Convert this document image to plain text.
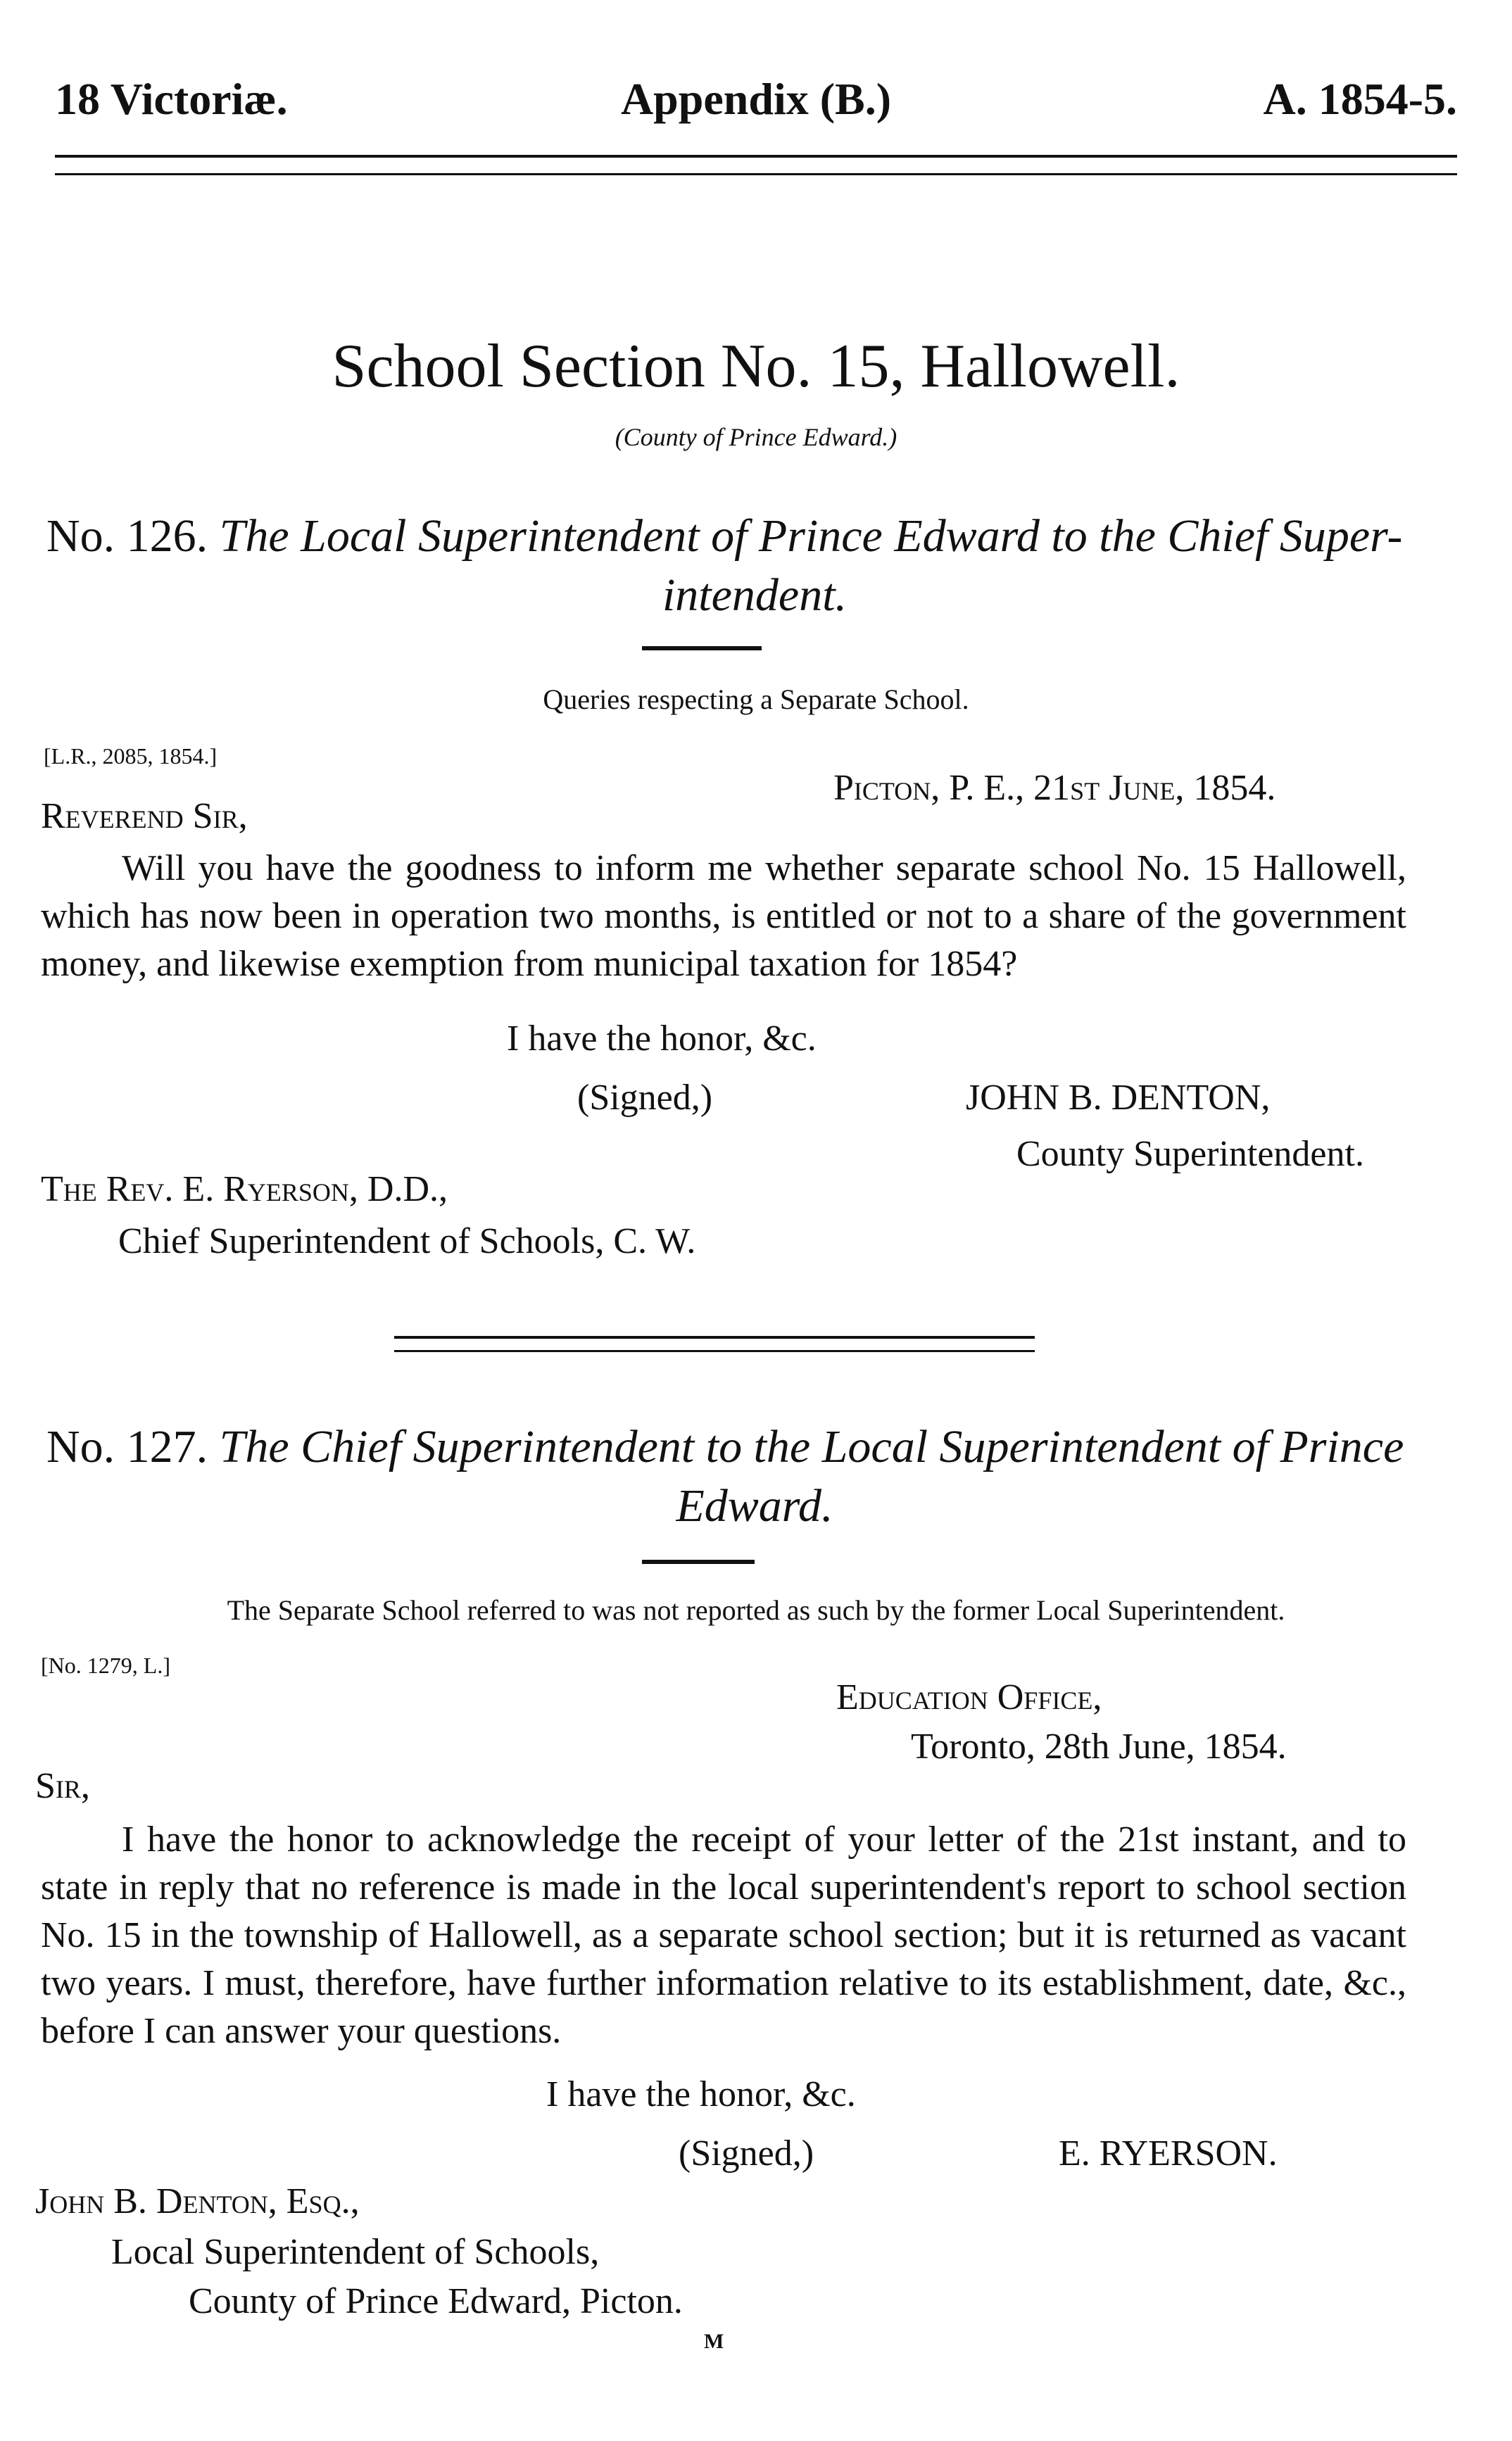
18 Victoriæ.	Appendix (B.)	A. 1854-5.
School Section No. 15, Hallowell.
(County of Prince Edward.)
No. 126. The Local Superintendent of Prince Edward to the Chief Super-
intendent.
Queries respecting a Separate School.
[L.R., 2085, 1854.]
Picton, P. E., 21st June, 1854.
Reverend Sir,
Will you have the goodness to inform me whether separate school No. 15 Hallowell, which has now been in operation two months, is entitled or not to a share of the government money, and likewise exemption from municipal taxation for 1854?
I have the honor, &c.
(Signed,)	JOHN B. DENTON,
County Superintendent.
The Rev. E. Ryerson, D.D.,
Chief Superintendent of Schools, C. W.
No. 127. The Chief Superintendent to the Local Superintendent of Prince
Edward.
The Separate School referred to was not reported as such by the former Local Superintendent.
[No. 1279, L.]
Education Office,
Toronto, 28th June, 1854.
Sir,
I have the honor to acknowledge the receipt of your letter of the 21st instant, and to state in reply that no reference is made in the local superintendent's report to school section No. 15 in the township of Hallowell, as a separate school section; but it is returned as vacant two years. I must, therefore, have further information relative to its establishment, date, &c., before I can answer your questions.
I have the honor, &c.
(Signed,)	E. RYERSON.
John B. Denton, Esq.,
Local Superintendent of Schools,
County of Prince Edward, Picton.
M
